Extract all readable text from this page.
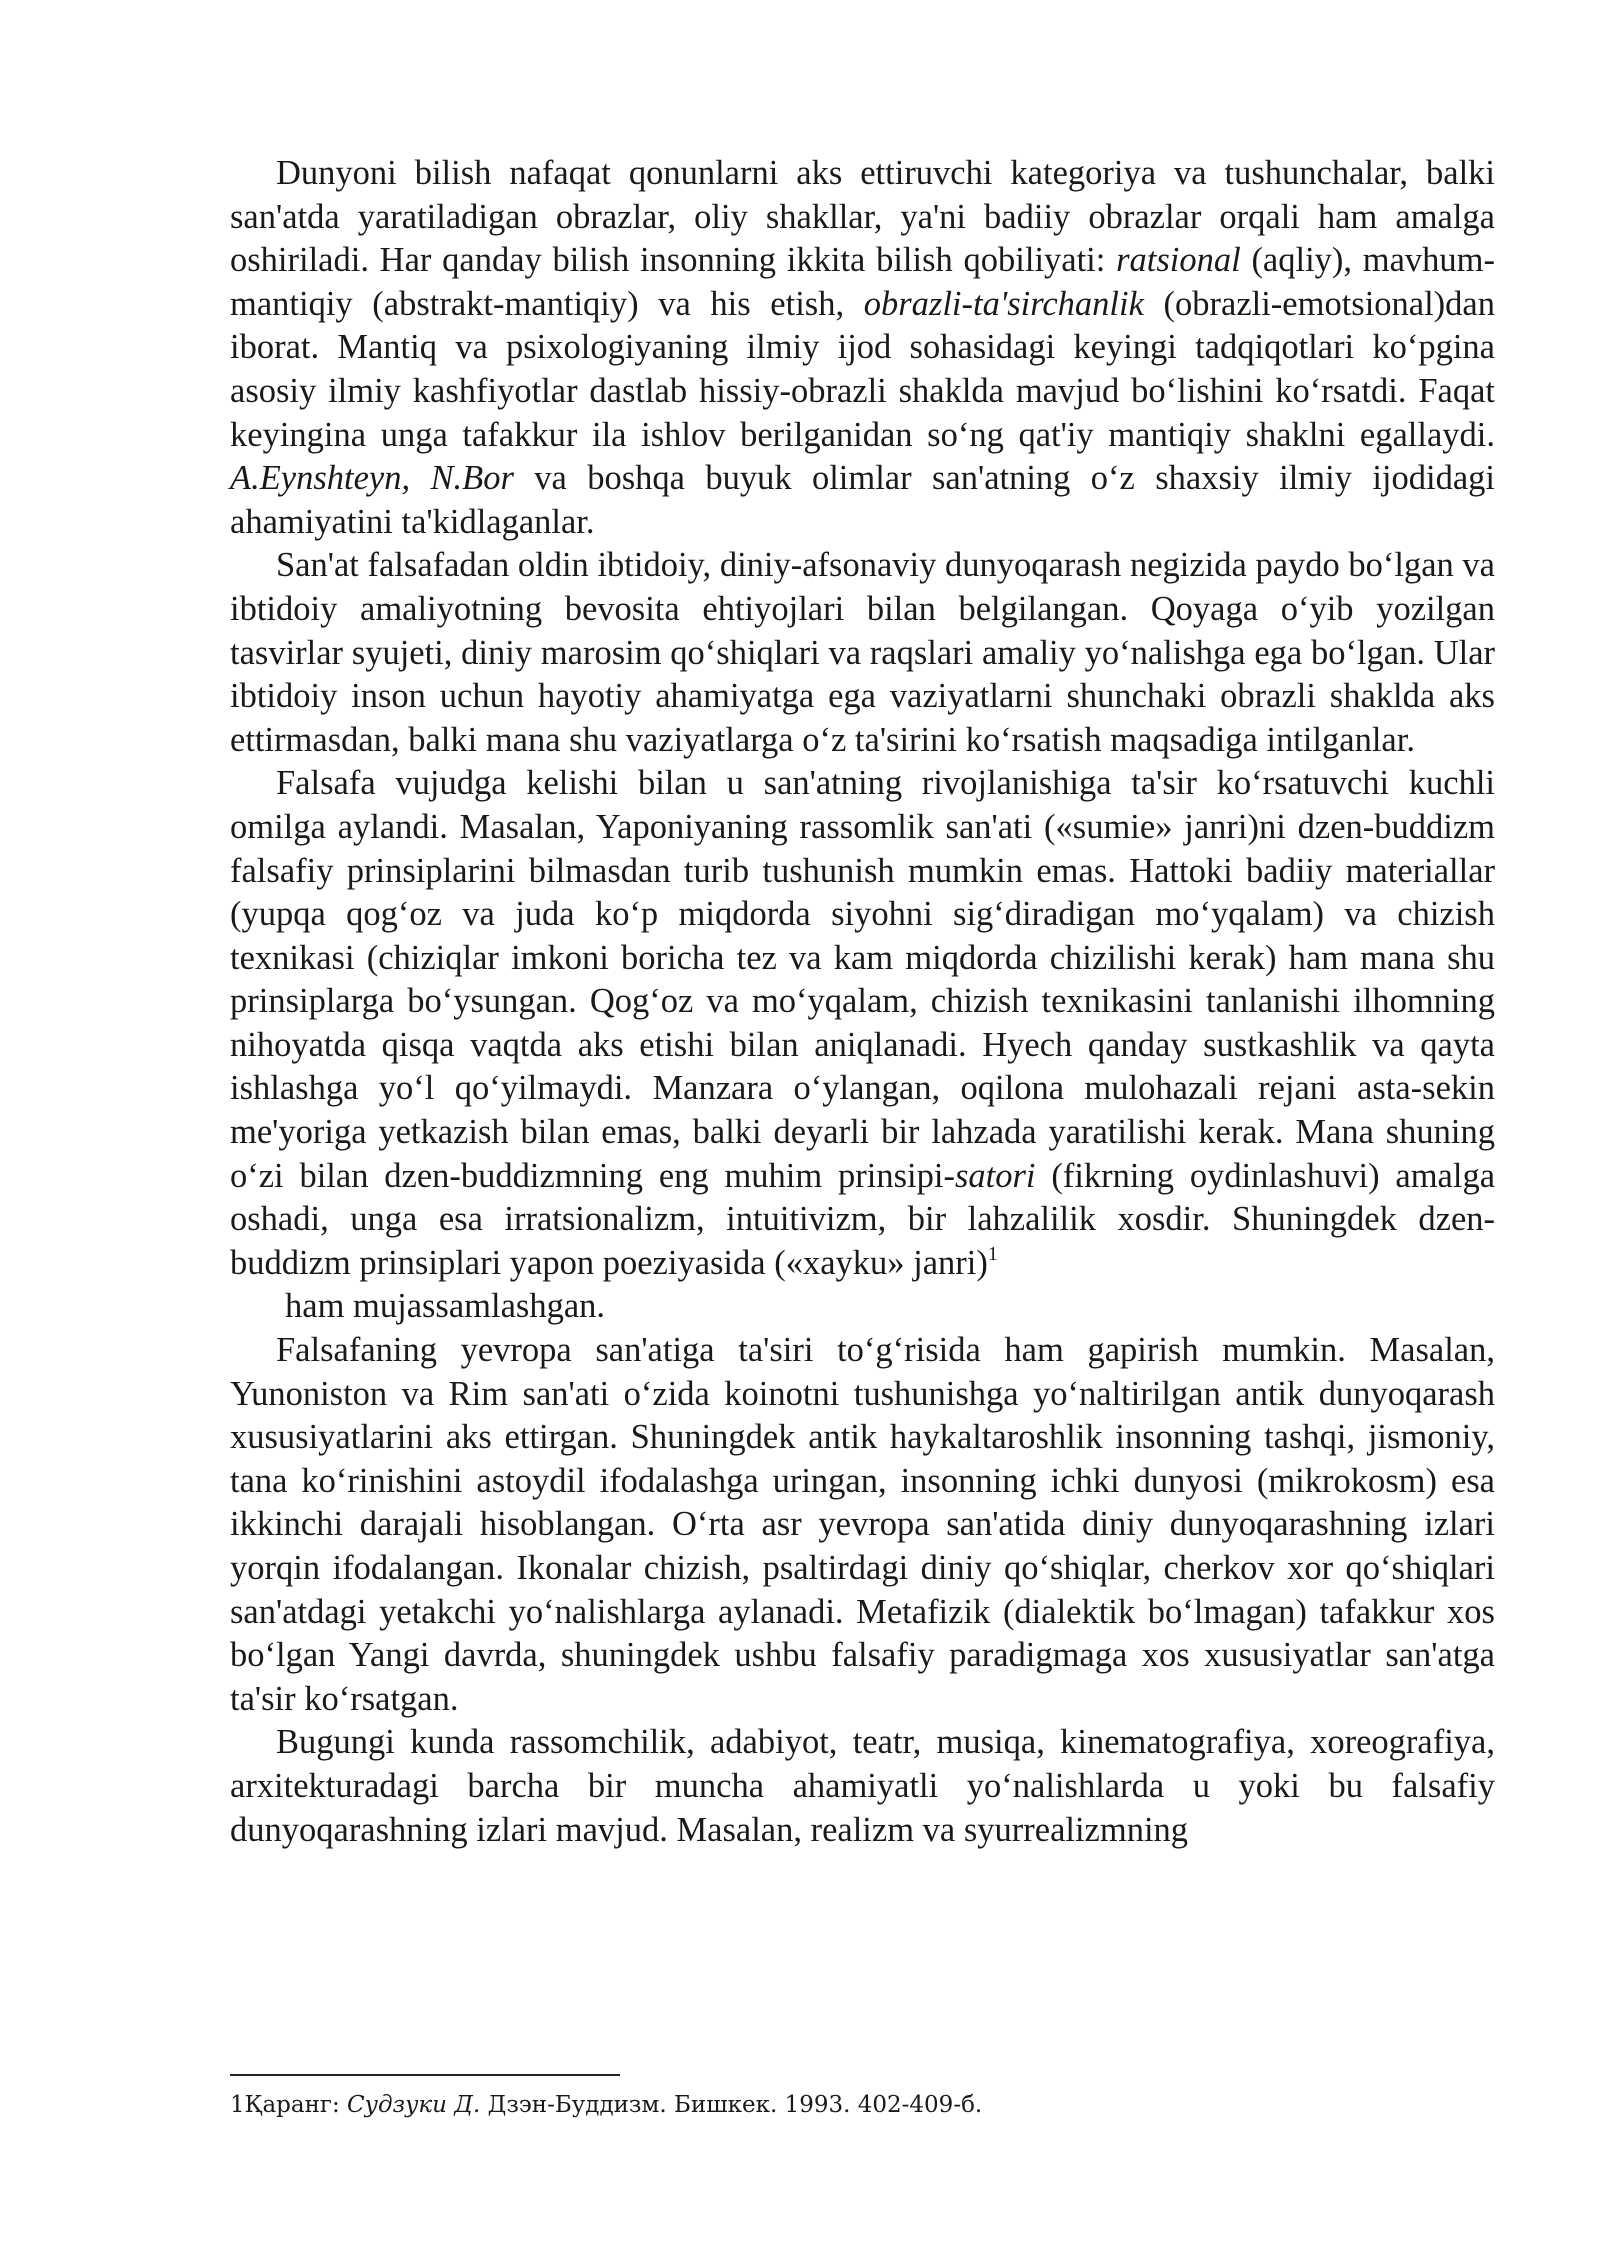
Dunyoni bilish nafaqat qonunlarni aks ettiruvchi kategoriya va tushunchalar, balki san'atda yaratiladigan obrazlar, oliy shakllar, ya'ni badiiy obrazlar orqali ham amalga oshiriladi. Har qanday bilish insonning ikkita bilish qobiliyati: ratsional (aqliy), mavhum-mantiqiy (abstrakt-mantiqiy) va his etish, obrazli-ta'sirchanlik (obrazli-emotsional)dan iborat. Mantiq va psixologiyaning ilmiy ijod sohasidagi keyingi tadqiqotlari ko‘pgina asosiy ilmiy kashfiyotlar dastlab hissiy-obrazli shaklda mavjud bo‘lishini ko‘rsatdi. Faqat keyingina unga tafakkur ila ishlov berilganidan so‘ng qat'iy mantiqiy shaklni egallaydi. A.Eynshteyn, N.Bor va boshqa buyuk olimlar san'atning o‘z shaxsiy ilmiy ijodidagi ahamiyatini ta'kidlaganlar.

San'at falsafadan oldin ibtidoiy, diniy-afsonaviy dunyoqarash negizida paydo bo‘lgan va ibtidoiy amaliyotning bevosita ehtiyojlari bilan belgilangan. Qoyaga o‘yib yozilgan tasvirlar syujeti, diniy marosim qo‘shiqlari va raqslari amaliy yo‘nalishga ega bo‘lgan. Ular ibtidoiy inson uchun hayotiy ahamiyatga ega vaziyatlarni shunchaki obrazli shaklda aks ettirmasdan, balki mana shu vaziyatlarga o‘z ta'sirini ko‘rsatish maqsadiga intilganlar.

Falsafa vujudga kelishi bilan u san'atning rivojlanishiga ta'sir ko‘rsatuvchi kuchli omilga aylandi. Masalan, Yaponiyaning rassomlik san'ati («sumie» janri)ni dzen-buddizm falsafiy prinsiplarini bilmasdan turib tushunish mumkin emas. Hattoki badiiy materiallar (yupqa qog‘oz va juda ko‘p miqdorda siyohni sig‘diradigan mo‘yqalam) va chizish texnikasi (chiziqlar imkoni boricha tez va kam miqdorda chizilishi kerak) ham mana shu prinsiplarga bo‘ysungan. Qog‘oz va mo‘yqalam, chizish texnikasini tanlanishi ilhomning nihoyatda qisqa vaqtda aks etishi bilan aniqlanadi. Hyech qanday sustkashlik va qayta ishlashga yo‘l qo‘yilmaydi. Manzara o‘ylangan, oqilona mulohazali rejani asta-sekin me'yoriga yetkazish bilan emas, balki deyarli bir lahzada yaratilishi kerak. Mana shuning o‘zi bilan dzen-buddizmning eng muhim prinsipi-satori (fikrning oydinlashuvi) amalga oshadi, unga esa irratsionalizm, intuitivizm, bir lahzalilik xosdir. Shuningdek dzen-buddizm prinsiplari yapon poeziyasida («xayku» janri)$^1$

ham mujassamlashgan.

Falsafaning yevropa san'atiga ta'siri to‘g‘risida ham gapirish mumkin. Masalan, Yunoniston va Rim san'ati o‘zida koinotni tushunishga yo‘naltirilgan antik dunyoqarash xususiyatlarini aks ettirgan. Shuningdek antik haykaltaroshlik insonning tashqi, jismoniy, tana ko‘rinishini astoydil ifodalashga uringan, insonning ichki dunyosi (mikrokosm) esa ikkinchi darajali hisoblangan. O‘rta asr yevropa san'atida diniy dunyoqarashning izlari yorqin ifodalangan. Ikonalar chizish, psaltirdagi diniy qo‘shiqlar, cherkov xor qo‘shiqlari san'atdagi yetakchi yo‘nalishlarga aylanadi. Metafizik (dialektik bo‘lmagan) tafakkur xos bo‘lgan Yangi davrda, shuningdek ushbu falsafiy paradigmaga xos xususiyatlar san'atga ta'sir ko‘rsatgan.

Bugungi kunda rassomchilik, adabiyot, teatr, musiqa, kinematografiya, xoreografiya, arxitekturadagi barcha bir muncha ahamiyatli yo‘nalishlarda u yoki bu falsafiy dunyoqarashning izlari mavjud. Masalan, realizm va syurrealizmning

1Қаранг: Судзуки Д. Дзэн-Буддизм. Бишкек. 1993. 402-409-б.
